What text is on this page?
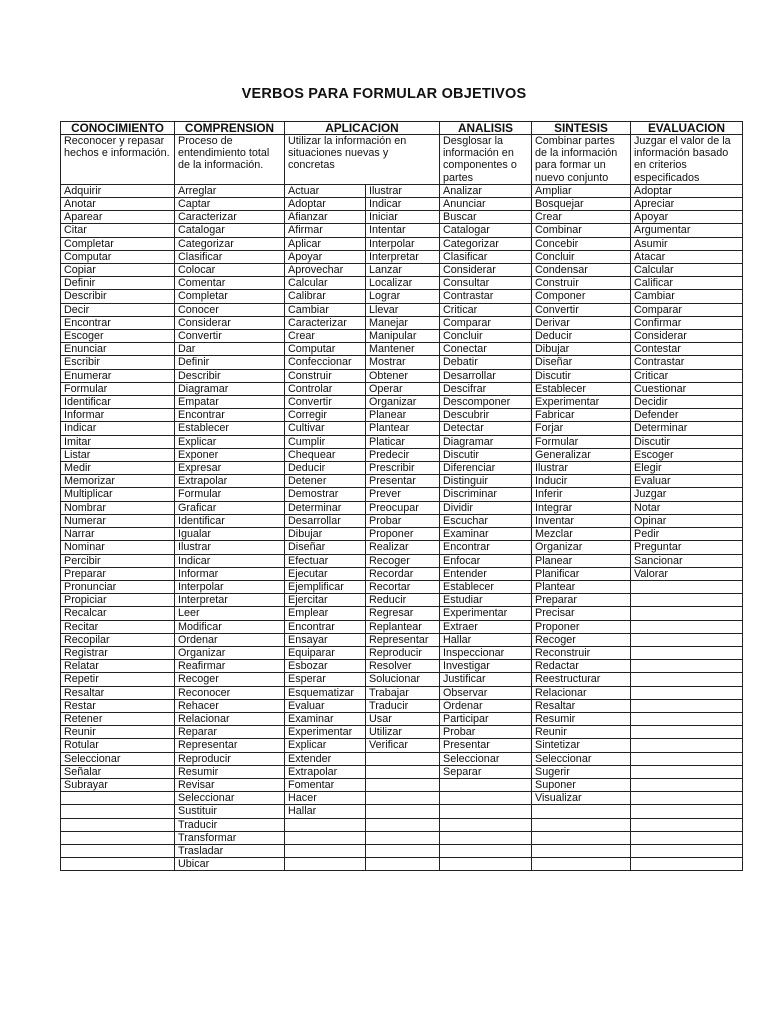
VERBOS PARA FORMULAR OBJETIVOS
CONOCIMIENTO	COMPRENSION	APLICACION		ANALISIS	SINTESIS	EVALUACION
Reconocer y repasar hechos e información.	Proceso de entendimiento total de la información.	Utilizar la información en situaciones nuevas y concretas		Desglosar la información en componentes o partes	Combinar partes de la información para formar un nuevo conjunto	Juzgar el valor de la información basado en criterios especificados
Adquirir	Arreglar	Actuar	Ilustrar	Analizar	Ampliar	Adoptar
Anotar	Captar	Adoptar	Indicar	Anunciar	Bosquejar	Apreciar
Aparear	Caracterizar	Afianzar	Iniciar	Buscar	Crear	Apoyar
Citar	Catalogar	Afirmar	Intentar	Catalogar	Combinar	Argumentar
Completar	Categorizar	Aplicar	Interpolar	Categorizar	Concebir	Asumir
Computar	Clasificar	Apoyar	Interpretar	Clasificar	Concluir	Atacar
Copiar	Colocar	Aprovechar	Lanzar	Considerar	Condensar	Calcular
Definir	Comentar	Calcular	Localizar	Consultar	Construir	Calificar
Describir	Completar	Calibrar	Lograr	Contrastar	Componer	Cambiar
Decir	Conocer	Cambiar	Llevar	Criticar	Convertir	Comparar
Encontrar	Considerar	Caracterizar	Manejar	Comparar	Derivar	Confirmar
Escoger	Convertir	Crear	Manipular	Concluir	Deducir	Considerar
Enunciar	Dar	Computar	Mantener	Conectar	Dibujar	Contestar
Escribir	Definir	Confeccionar	Mostrar	Debatir	Diseñar	Contrastar
Enumerar	Describir	Construir	Obtener	Desarrollar	Discutir	Criticar
Formular	Diagramar	Controlar	Operar	Descifrar	Establecer	Cuestionar
Identificar	Empatar	Convertir	Organizar	Descomponer	Experimentar	Decidir
Informar	Encontrar	Corregir	Planear	Descubrir	Fabricar	Defender
Indicar	Establecer	Cultivar	Plantear	Detectar	Forjar	Determinar
Imitar	Explicar	Cumplir	Platicar	Diagramar	Formular	Discutir
Listar	Exponer	Chequear	Predecir	Discutir	Generalizar	Escoger
Medir	Expresar	Deducir	Prescribir	Diferenciar	Ilustrar	Elegir
Memorizar	Extrapolar	Detener	Presentar	Distinguir	Inducir	Evaluar
Multiplicar	Formular	Demostrar	Prever	Discriminar	Inferir	Juzgar
Nombrar	Graficar	Determinar	Preocupar	Dividir	Integrar	Notar
Numerar	Identificar	Desarrollar	Probar	Escuchar	Inventar	Opinar
Narrar	Igualar	Dibujar	Proponer	Examinar	Mezclar	Pedir
Nominar	Ilustrar	Diseñar	Realizar	Encontrar	Organizar	Preguntar
Percibir	Indicar	Efectuar	Recoger	Enfocar	Planear	Sancionar
Preparar	Informar	Ejecutar	Recordar	Entender	Planificar	Valorar
Pronunciar	Interpolar	Ejemplificar	Recortar	Establecer	Plantear	
Propiciar	Interpretar	Ejercitar	Reducir	Estudiar	Preparar	
Recalcar	Leer	Emplear	Regresar	Experimentar	Precisar	
Recitar	Modificar	Encontrar	Replantear	Extraer	Proponer	
Recopilar	Ordenar	Ensayar	Representar	Hallar	Recoger	
Registrar	Organizar	Equiparar	Reproducir	Inspeccionar	Reconstruir	
Relatar	Reafirmar	Esbozar	Resolver	Investigar	Redactar	
Repetir	Recoger	Esperar	Solucionar	Justificar	Reestructurar	
Resaltar	Reconocer	Esquematizar	Trabajar	Observar	Relacionar	
Restar	Rehacer	Evaluar	Traducir	Ordenar	Resaltar	
Retener	Relacionar	Examinar	Usar	Participar	Resumir	
Reunir	Reparar	Experimentar	Utilizar	Probar	Reunir	
Rotular	Representar	Explicar	Verificar	Presentar	Sintetizar	
Seleccionar	Reproducir	Extender		Seleccionar	Seleccionar	
Señalar	Resumir	Extrapolar		Separar	Sugerir	
Subrayar	Revisar	Fomentar			Suponer	
	Seleccionar	Hacer			Visualizar	
	Sustituir	Hallar				
	Traducir					
	Transformar					
	Trasladar					
	Ubicar					
